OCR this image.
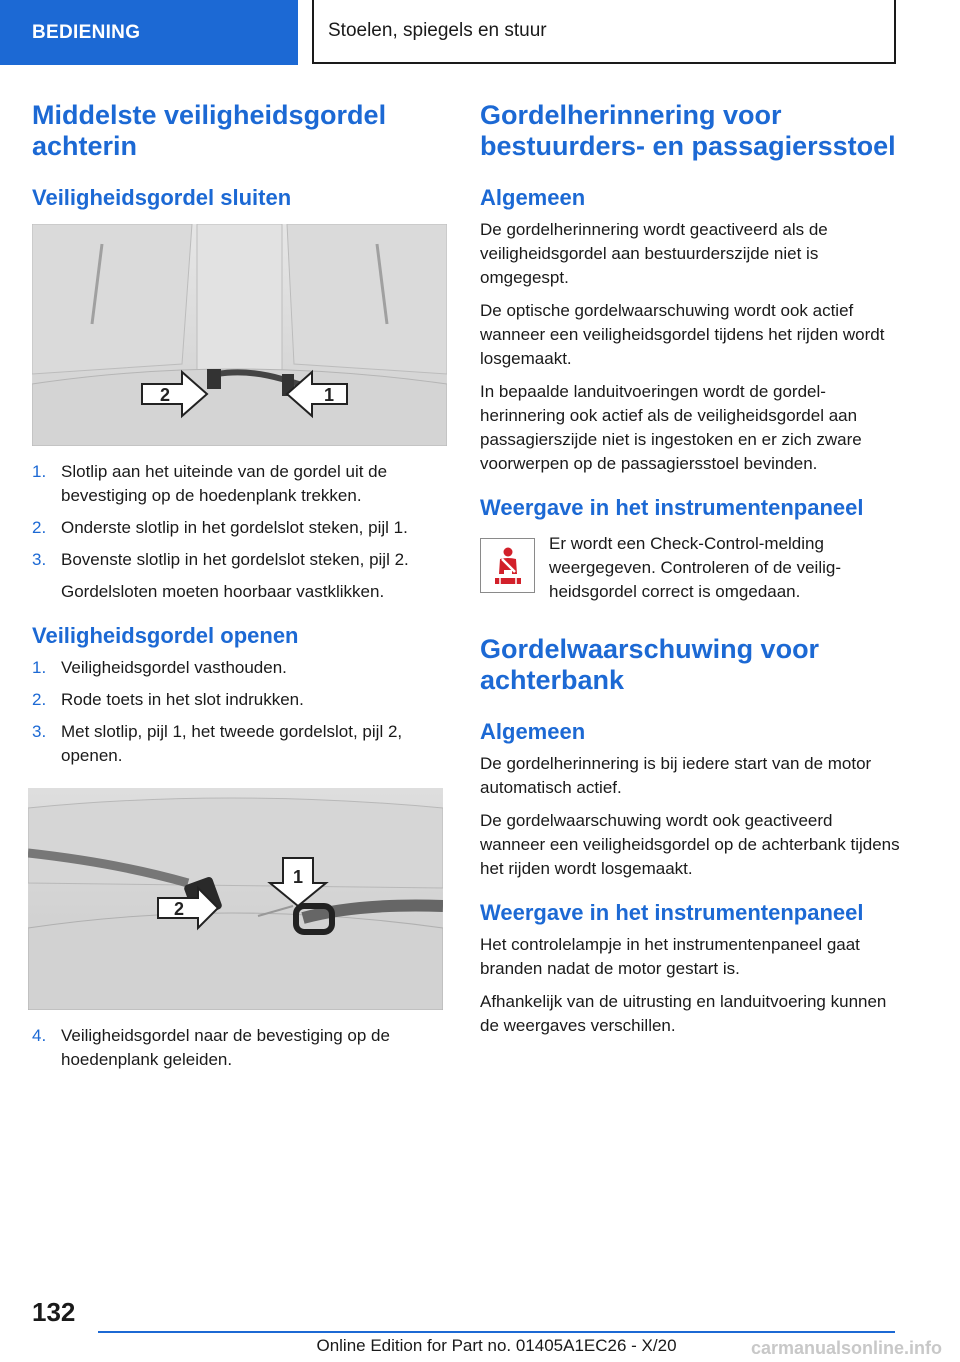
BEDIENING	Stoelen, spiegels en stuur
Middelste veiligheidsgordel achterin
Veiligheidsgordel sluiten
2	1
1. Slotlip aan het uiteinde van de gordel uit de bevestiging op de hoedenplank trekken.
2. Onderste slotlip in het gordelslot steken, pijl 1.
3. Bovenste slotlip in het gordelslot steken, pijl 2.
Gordelsloten moeten hoorbaar vastklikken.
Veiligheidsgordel openen
1. Veiligheidsgordel vasthouden.
2. Rode toets in het slot indrukken.
3. Met slotlip, pijl 1, het tweede gordelslot, pijl 2, openen.
2
1
4. Veiligheidsgordel naar de bevestiging op de hoedenplank geleiden.
Gordelherinnering voor bestuurders- en passagiersstoel
Algemeen

De gordelherinnering wordt geactiveerd als de veiligheidsgordel aan bestuurderszijde niet is omgegespt.

De optische gordelwaarschuwing wordt ook actief wanneer een veiligheidsgordel tijdens het rijden wordt losgemaakt.

In bepaalde landuitvoeringen wordt de gordelherinnering ook actief als de veiligheidsgordel aan passagierszijde niet is ingestoken en er zich zware voorwerpen op de passagiersstoel bevinden.

Weergave in het instrumentenpaneel

Er wordt een Check-Control-melding weergegeven. Controleren of de veiligheidsgordel correct is omgedaan.

Gordelwaarschuwing voor achterbank
Algemeen

De gordelherinnering is bij iedere start van de motor automatisch actief.

De gordelwaarschuwing wordt ook geactiveerd wanneer een veiligheidsgordel op de achterbank tijdens het rijden wordt losgemaakt.

Weergave in het instrumentenpaneel

Het controlelampje in het instrumentenpaneel gaat branden nadat de motor gestart is.

Afhankelijk van de uitrusting en landuitvoering kunnen de weergaves verschillen.

132
Online Edition for Part no. 01405A1EC26 - X/20	carmanualsonline.info
